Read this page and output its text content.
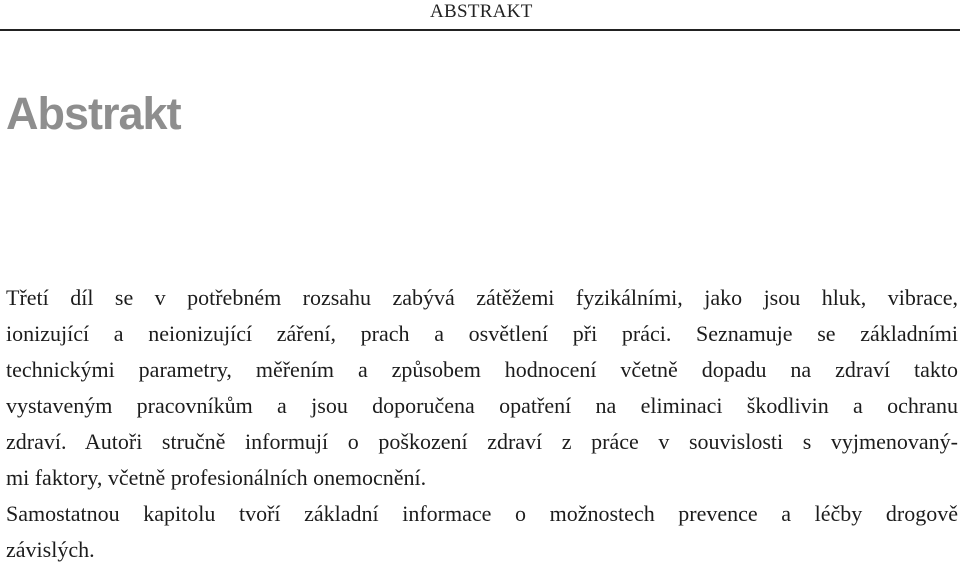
ABSTRAKT
Abstrakt

Třetí díl se v potřebném rozsahu zabývá zátěžemi fyzikálními, jako jsou hluk, vibrace,
ionizující a neionizující záření, prach a osvětlení při práci. Seznamuje se základními
technickými parametry, měřením a způsobem hodnocení včetně dopadu na zdraví takto
vystaveným pracovníkům a jsou doporučena opatření na eliminaci škodlivin a ochranu
zdraví. Autoři stručně informují o poškození zdraví z práce v souvislosti s vyjmenovaný-
mi faktory, včetně profesionálních onemocnění.

Samostatnou kapitolu tvoří základní informace o možnostech prevence a léčby drogově
závislých.
